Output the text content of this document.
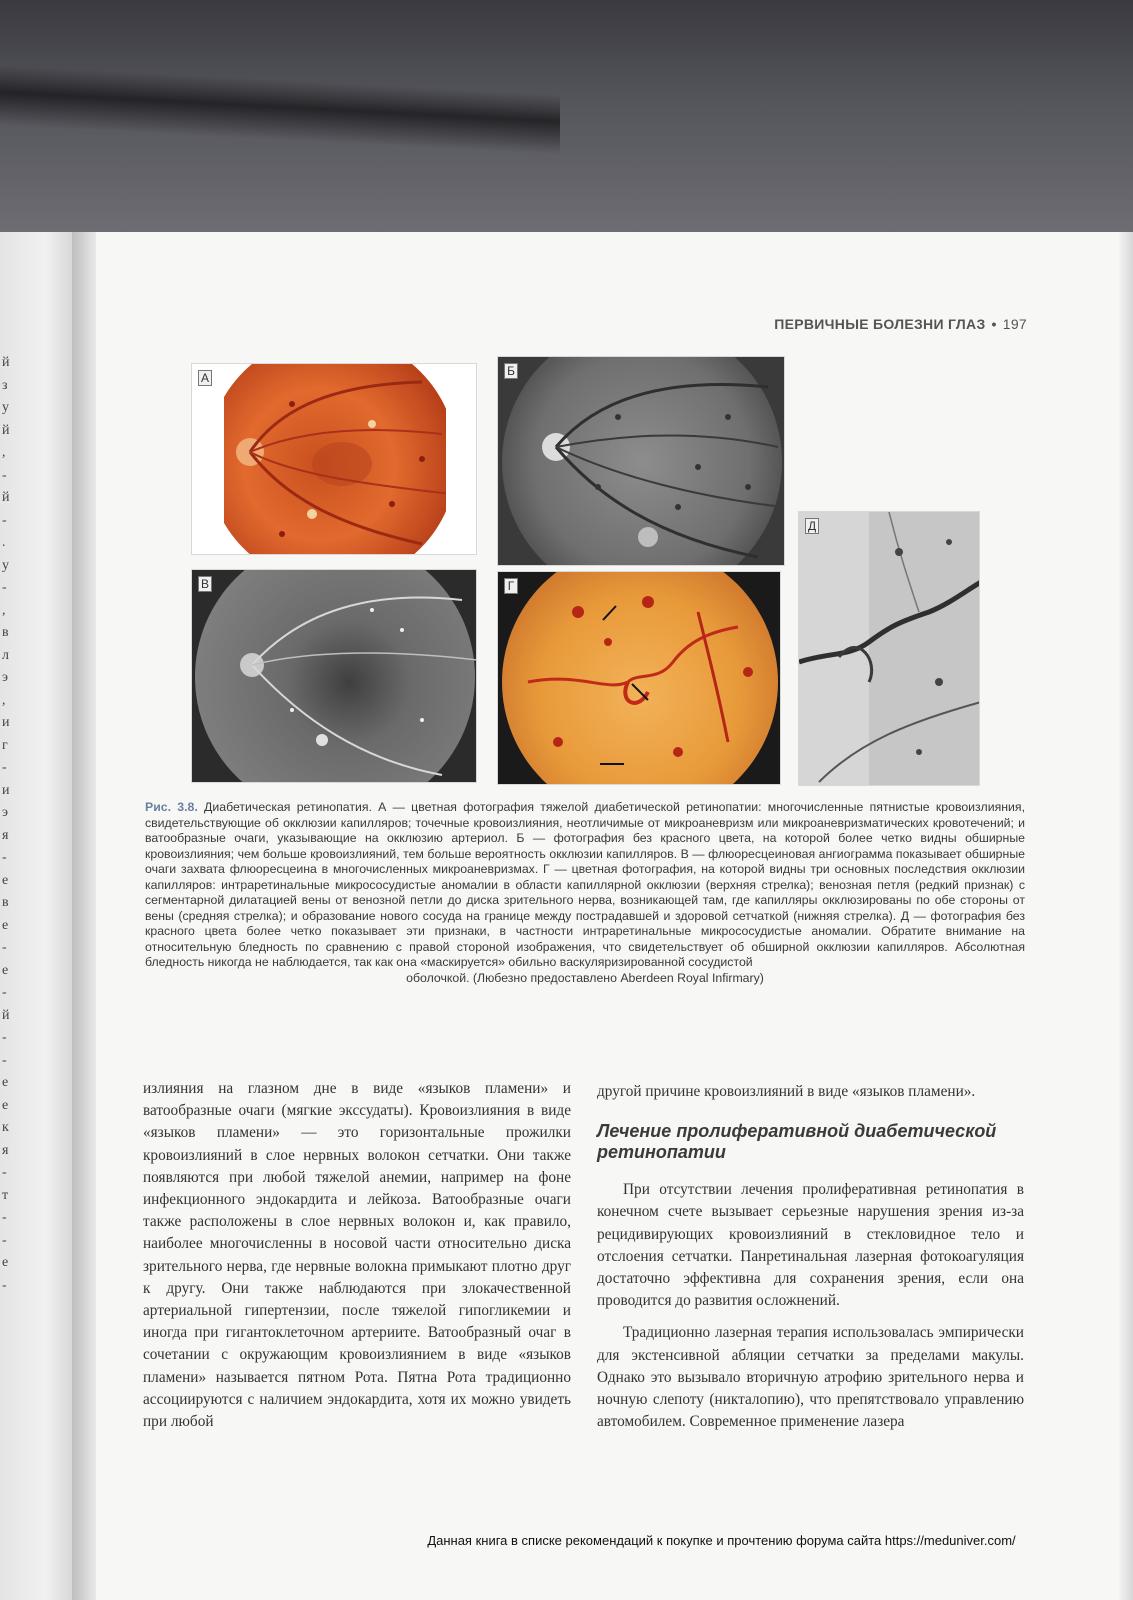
й
з
у
й
,
-
й
-
.
у
-
,
в
л
э
,
и
г
-
и
э
я
-
е
в
е
-
е
-
й
-
-
е
е
к
я
-
т
-
-
е
-
ПЕРВИЧНЫЕ БОЛЕЗНИ ГЛАЗ • 197
А	Б
В	Г
Д
Рис. 3.8. Диабетическая ретинопатия. А — цветная фотография тяжелой диабетической ретинопатии: многочисленные пятнистые кровоизлияния, свидетельствующие об окклюзии капилляров; точечные кровоизлияния, неотличимые от микроаневризм или микроаневризматических кровотечений; и ватообразные очаги, указывающие на окклюзию артериол. Б — фотография без красного цвета, на которой более четко видны обширные кровоизлияния; чем больше кровоизлияний, тем больше вероятность окклюзии капилляров. В — флюоресцеиновая ангиограмма показывает обширные очаги захвата флюоресцеина в многочисленных микроаневризмах. Г — цветная фотография, на которой видны три основных последствия окклюзии капилляров: интраретинальные микрососудистые аномалии в области капиллярной окклюзии (верхняя стрелка); венозная петля (редкий признак) с сегментарной дилатацией вены от венозной петли до диска зрительного нерва, возникающей там, где капилляры окклюзированы по обе стороны от вены (средняя стрелка); и образование нового сосуда на границе между пострадавшей и здоровой сетчаткой (нижняя стрелка). Д — фотография без красного цвета более четко показывает эти признаки, в частности интраретинальные микрососудистые аномалии. Обратите внимание на относительную бледность по сравнению с правой стороной изображения, что свидетельствует об обширной окклюзии капилляров. Абсолютная бледность никогда не наблюдается, так как она «маскируется» обильно васкуляризированной сосудистой
оболочкой. (Любезно предоставлено Aberdeen Royal Infirmary)

излияния на глазном дне в виде «языков пламени» и ватообразные очаги (мягкие экссудаты). Кровоизлияния в виде «языков пламени» — это горизонтальные прожилки кровоизлияний в слое нервных волокон сетчатки. Они также появляются при любой тяжелой анемии, например на фоне инфекционного эндокардита и лейкоза. Ватообразные очаги также расположены в слое нервных волокон и, как правило, наиболее многочисленны в носовой части относительно диска зрительного нерва, где нервные волокна примыкают плотно друг к другу. Они также наблюдаются при злокачественной артериальной гипертензии, после тяжелой гипогликемии и иногда при гигантоклеточном артериите. Ватообразный очаг в сочетании с окружающим кровоизлиянием в виде «языков пламени» называется пятном Рота. Пятна Рота традиционно ассоциируются с наличием эндокардита, хотя их можно увидеть при любой

другой причине кровоизлияний в виде «языков пламени».

Лечение пролиферативной диабетической ретинопатии

При отсутствии лечения пролиферативная ретинопатия в конечном счете вызывает серьезные нарушения зрения из-за рецидивирующих кровоизлияний в стекловидное тело и отслоения сетчатки. Панретинальная лазерная фотокоагуляция достаточно эффективна для сохранения зрения, если она проводится до развития осложнений.

Традиционно лазерная терапия использовалась эмпирически для экстенсивной абляции сетчатки за пределами макулы. Однако это вызывало вторичную атрофию зрительного нерва и ночную слепоту (никталопию), что препятствовало управлению автомобилем. Современное применение лазера

Данная книга в списке рекомендаций к покупке и прочтению форума сайта https://meduniver.com/
